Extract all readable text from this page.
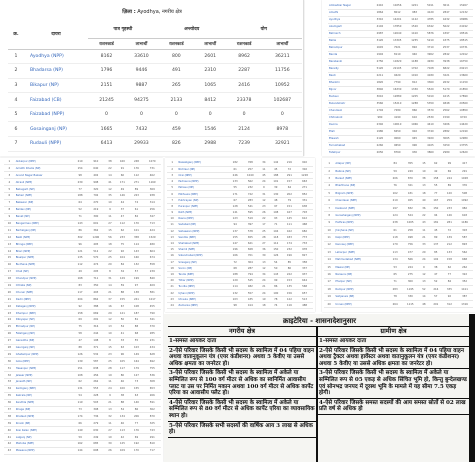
ज़िला : Ayodhya, नगरीय क्षेत्र
क्र.	दायरा	पात्र गृहस्थी		अन्त्योदय		योग	
		राशनकार्ड	लाभार्थी	राशनकार्ड	लाभार्थी	राशनकार्ड	लाभार्थी
1	Ayodhya (NPP)	8162	33610	800	2601	8962	36211
2	Bhadarsa (NP)	1796	9446	491	2310	2287	11756
3	Bikapur (NP)	2151	9887	265	1065	2416	10952
4	Faizabad (CB)	21245	94275	2133	8412	23378	102687
5	Faizabad (NPP)	0	0	0	0	0	0
6	Gosainganj (NP)	1665	7432	459	1546	2124	8978
7	Rudauli (NPP)	6413	29933	826	2988	7239	32921
Ambedkar Nagar	2410	10256	1201	5011	3611	15267
Amethi	1864	8012	983	4120	2847	12132
Ayodhya	3310	14201	1122	4785	4432	18986
Azamgarh	4102	17850	1520	6342	5622	24192
Bahraich	2987	12640	1410	5876	4397	18516
Ballia	3120	13305	1255	5210	4375	18515
Balrampur	1645	7021	892	3710	2537	10731
Banda	1902	8110	940	3902	2842	12012
Barabanki	2750	11820	1188	4930	3938	16750
Bareilly	5120	22105	1702	7108	6822	29213
Basti	2211	9420	1010	4180	3221	13600
Bhadohi	1820	7790	812	3360	2632	11150
Bijnor	3840	16330	1330	5520	5170	21850
Budaun	3010	12880	1205	5010	4215	17890
Bulandshahr	3560	15210	1288	5350	4848	20560
Chandauli	1702	7280	860	3570	2562	10850
Chitrakoot	980	4190	610	2530	1590	6720
Deoria	2340	10010	1066	4410	3406	14420
Etah	1980	8450	902	3740	2882	12190
Etawah	2120	9060	945	3920	3065	12980
Farrukhabad	2260	9650	990	4105	3250	13755
Fatehpur	2050	8760	930	3860	2980	12620
1	Akbarpur (NPP)	210	910	38	160	248	1070
2	Amethi Kheda (NP)	154	640	22	91	176	731
3	Anand Nagar Bazaar	98	402	14	60	112	462
4	Atrauli (NPP)	230	998	41	171	271	1169
5	Babugarh (NP)	77	320	12	49	89	369
6	Baheri (NPP)	188	792	35	146	223	938
7	Bakewar (NP)	64	270	10	44	74	314
8	Baldev (NP)	52	219	9	37	61	256
9	Banat (NP)	71	300	11	47	82	347
10	Bangarmau (NPP)	143	601	27	112	170	713
11	Barhalganj (NP)	86	362	15	62	101	424
12	Basti (NPP)	302	1296	56	233	358	1529
13	Bhinga (NPP)	96	405	18	75	114	480
14	Bilari (NPP)	121	512	22	92	143	604
15	Bisalpur (NPP)	135	570	25	104	160	674
16	Budhana (NPP)	112	474	20	84	132	558
17	Chail (NP)	49	205	8	34	57	239
18	Chandpur (NPP)	168	711	31	129	199	840
19	Chhata (NP)	83	350	14	59	97	409
20	Chunar (NPP)	117	493	21	88	138	581
21	Dadri (NPP)	204	862	37	155	241	1017
22	Dataganj (NPP)	92	388	16	67	108	455
23	Dhampur (NPP)	158	669	29	121	187	790
24	Dibiyapur (NP)	69	291	12	50	81	341
25	Etmadpur (NP)	75	316	13	54	88	370
26	Fatehganj (NP)	58	244	10	41	68	285
27	Garautha (NP)	47	198	8	33	55	231
28	Gauriganj (NP)	88	371	15	63	103	434
29	Ghatampur (NPP)	126	532	23	96	149	628
30	Gola (NPP)	139	587	25	105	164	692
31	Hasanpur (NPP)	151	638	28	117	179	755
32	Jalesar (NPP)	108	456	19	80	127	536
33	Jansath (NP)	62	262	11	46	73	308
34	Kaimganj (NPP)	131	553	24	100	155	653
35	Kakrala (NP)	54	228	9	38	63	266
36	Kandhla (NPP)	119	503	21	88	140	591
37	Khaga (NP)	73	308	13	54	86	362
38	Khatauli (NPP)	174	736	32	134	206	870
39	Kiraoli (NP)	66	279	11	46	77	325
40	Kosi Kalan (NPP)	149	630	27	113	176	743
41	Lalganj (NP)	59	249	10	42	69	291
42	Mahoba (NPP)	162	685	30	125	192	810
43	Mawana (NPP)	144	608	26	109	170	717
1	Nawabganj (NPP)	182	768	34	142	216	910
2	Nichlaul (NP)	61	257	11	45	72	302
3	Orai (NPP)	246	1040	45	188	291	1228
4	Padrauna (NPP)	133	562	24	101	157	663
5	Pahasu (NP)	55	232	9	39	64	271
6	Pilkhuwa (NPP)	171	722	31	130	202	852
7	Pukhrayan (NP)	67	283	12	48	79	331
8	Puranpur (NPP)	128	541	23	97	151	638
9	Rath (NPP)	141	595	26	108	167	703
10	Rasra (NPP)	123	519	22	93	145	612
11	Sadabad (NP)	94	397	17	71	111	468
12	Sahaswan (NPP)	137	578	25	104	162	682
13	Sandila (NPP)	155	655	28	118	183	773
14	Shahabad (NPP)	147	621	27	112	174	733
15	Shamli (NPP)	196	828	36	150	232	978
16	Sikandrabad (NPP)	166	701	30	126	196	827
17	Sirsaganj (NP)	72	304	13	54	85	358
18	Soron (NP)	68	287	12	50	80	337
19	Tanda (NPP)	188	794	34	143	222	937
20	Tilhar (NPP)	129	545	24	99	153	644
21	Tundla (NPP)	114	482	21	86	135	568
22	Ujhani (NPP)	132	557	24	100	156	657
23	Utraula (NPP)	103	435	19	78	122	513
24	Zamania (NPP)	98	414	18	74	116	488
1	Allapur (NP)	84	355	15	62	99	417
2	Babina (NP)	59	249	10	42	69	291
3	Baraut (NPP)	206	870	38	158	244	1028
4	Bharthana (NP)	76	321	13	55	89	376
5	Bilgram (NPP)	102	431	18	77	120	508
6	Chandausi (NPP)	219	925	40	167	259	1092
7	Deoband (NPP)	197	832	36	150	233	982
8	Gursahaiganj (NPP)	124	524	22	94	146	618
9	Hathras (NPP)	238	1005	43	181	281	1186
10	Jhinjhana (NP)	61	258	11	45	72	303
11	Kalpi (NPP)	118	498	21	89	139	587
12	Kannauj (NPP)	179	756	33	137	212	893
13	Laharpur (NPP)	113	477	20	85	133	562
14	Mahmudabad (NPP)	134	566	24	102	158	668
15	Mawai (NP)	53	224	9	38	62	262
16	Naraura (NP)	65	275	12	47	77	322
17	Phulpur (NP)	71	300	13	52	84	352
18	Rampur (NPP)	283	1195	52	216	335	1411
19	Sahjanwa (NP)	78	330	14	57	92	387
20	Unnao (NPP)	264	1115	48	201	312	1316
क्राइटेरिया - शासनादेशानुसार
नगरीय क्षेत्र
1-समस्त आयकर दाता
2-ऐसे परिवार जिसके किसी भी सदस्य के स्वामित्व में 04 पहिया वाहन अथवा वातानुकूलन यंत्र (एयर कंडीशनर) अथवा 5 केवीए या उससे अधिक क्षमता का जनरेटर हो।
3-ऐसे परिवार जिसके किसी भी सदस्य के स्वामित्व में अकेले या सम्मिलित रूप से 100 वर्ग मीटर से अधिक का स्वनिर्मित आवासीय प्लाट या उस पर निर्मित मकान अथवा 100 वर्ग मीटर से अधिक कार्पेट एरिया का आवासीय फ्लैट हो।
4-ऐसे परिवार जिसके किसी भी सदस्य के स्वामित्व में अकेले या सम्मिलित रूप से 80 वर्ग मीटर से अधिक कार्पेट एरिया का व्यावसायिक स्थान हो।
5-ऐसे परिवार जिसके सभी सदस्यों की वार्षिक आय 3 लाख से अधिक हो।
ग्रामीण क्षेत्र
1-समस्त आयकर दाता
2-ऐसे परिवार जिसके किसी भी सदस्य के स्वामित्व में 04 पहिया वाहन अथवा ट्रैक्टर अथवा हार्वेस्टर अथवा वातानुकूलन यंत्र (एयर कंडीशनर) अथवा 5 केवीए या उससे अधिक क्षमता का जनरेटर हो।
3-ऐसे परिवार जिसके किसी भी सदस्य के स्वामित्व में अकेले या सम्मिलित रूप से 05 एकड़ से अधिक सिंचित भूमि हो, किन्तु बुन्देलखण्ड एवं सोनभद्र जनपद में दूरस्थ भूमि के मामले में यह सीमा 7.5 एकड़ होगी।
4-ऐसे परिवार जिसके समस्त सदस्यों की आय समस्त स्रोतों से 02 लाख प्रति वर्ष से अधिक हो
